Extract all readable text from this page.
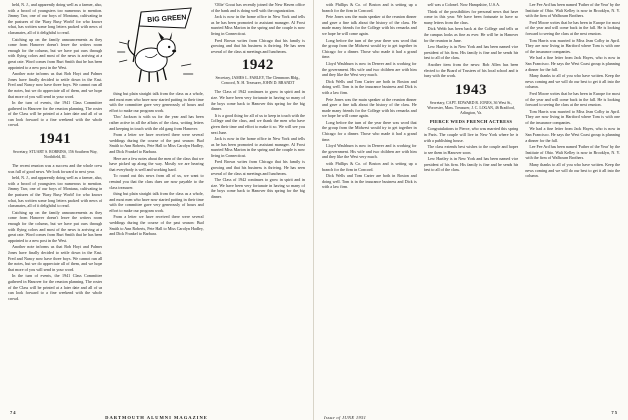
held, N. J., and apparently doing well as a farmer, also, with a brood of youngsters too numerous to mention. Jimmy Tarr, one of our boys of Montana, cultivating in the pastures of the 'Busy Busy World' for who knows what, has written some long letters packed with news of classmates, all of it delightful to read.

Catching up on the family announcements as they come from Hanover doesn't leave the writers room enough for the column, but we have put ours through with flying colors and most of the news is arriving at a great rate. Word comes from Burt Smith that he has been appointed to a new post in the West.

Another note informs us that Bob Hoyt and Palmer Jones have finally decided to settle down in the East. Fred and Nancy now have three boys. We cannot run all the notes, but we do appreciate all of them, and we hope that more of you will send in your word.

In the turn of events, the 1941 Class Committee gathered in Hanover for the reunion planning. The roster of the Class will be printed at a later date and all of us can look forward to a fine weekend with the whole crowd.

1941
Secretary, STUART S. ROBBINS, 156 Southern Way, Northfield, Ill.

The recent reunion was a success and the whole crew was full of good news. We look forward to next year.

held, N. J., and apparently doing well as a farmer, also, with a brood of youngsters too numerous to mention. Jimmy Tarr, one of our boys of Montana, cultivating in the pastures of the 'Busy Busy World' for who knows what, has written some long letters packed with news of classmates, all of it delightful to read.

Catching up on the family announcements as they come from Hanover doesn't leave the writers room enough for the column, but we have put ours through with flying colors and most of the news is arriving at a great rate. Word comes from Burt Smith that he has been appointed to a new post in the West.

Another note informs us that Bob Hoyt and Palmer Jones have finally decided to settle down in the East. Fred and Nancy now have three boys. We cannot run all the notes, but we do appreciate all of them, and we hope that more of you will send in your word.

In the turn of events, the 1941 Class Committee gathered in Hanover for the reunion planning. The roster of the Class will be printed at a later date and all of us can look forward to a fine weekend with the whole crowd.

BIG GREEN

thing but plain straight talk from the class as a whole, and most men who have now started putting in their time with the committee gave very generously of hours and effort to make our program work.

'Doc' Jackson is with us for the year and has been rather active in all the affairs of the class, writing letters and keeping in touch with the old gang from Hanover.

From a letter we have received there were several weddings during the course of the past season: Bud Smith to Ann Roberts, Pete Hall to Miss Carolyn Hadley, and Dick Frankel to Barbara.

Here are a few notes about the men of the class that we have picked up along the way. Mostly we are hearing that everybody is well and working hard.

To round out this news from all of us, we want to remind you that the class dues are now payable to the class treasurer.

thing but plain straight talk from the class as a whole, and most men who have now started putting in their time with the committee gave very generously of hours and effort to make our program work.

From a letter we have received there were several weddings during the course of the past season: Bud Smith to Ann Roberts, Pete Hall to Miss Carolyn Hadley, and Dick Frankel to Barbara.

'Ollie' Grout has recently joined the New Haven office of the bank and is doing well with the organization.

Jack is now in the home office in New York and tells us he has been promoted to assistant manager. Al Frost married Miss Marion in the spring and the couple is now living in Connecticut.

Fred Brown writes from Chicago that his family is growing and that his business is thriving. He has seen several of the class at meetings and luncheons.

1942
Secretary, JAMES L. FARLEY, The Clemmons Bldg., Concord, N. H. Treasurer, JOHN D. BRANDT

The Class of 1942 continues to grow in spirit and in size. We have been very fortunate in having so many of the boys come back to Hanover this spring for the big dinner.

It is a good thing for all of us to keep in touch with the College and the class, and we thank the men who have given their time and effort to make it so. We will see you next June.

Jack is now in the home office in New York and tells us he has been promoted to assistant manager. Al Frost married Miss Marion in the spring and the couple is now living in Connecticut.

Fred Brown writes from Chicago that his family is growing and that his business is thriving. He has seen several of the class at meetings and luncheons.

The Class of 1942 continues to grow in spirit and in size. We have been very fortunate in having so many of the boys come back to Hanover this spring for the big dinner.

74
DARTMOUTH ALUMNI MAGAZINE

with Phillips & Co. of Boston and is setting up a branch for the firm in Concord.

Pete Jones was the main speaker at the reunion dinner and gave a fine talk about the history of the class. He made many friends for the College with his remarks and we hope he will come again.

Long before the turn of the year there was word that the group from the Midwest would try to get together in Chicago for a dinner. Those who made it had a grand time.

Lloyd Washburn is now in Denver and is working for the government. His wife and two children are with him and they like the West very much.

Dick Wells and Tom Carter are both in Boston and doing well. Tom is in the insurance business and Dick is with a law firm.

Pete Jones was the main speaker at the reunion dinner and gave a fine talk about the history of the class. He made many friends for the College with his remarks and we hope he will come again.

Long before the turn of the year there was word that the group from the Midwest would try to get together in Chicago for a dinner. Those who made it had a grand time.

Lloyd Washburn is now in Denver and is working for the government. His wife and two children are with him and they like the West very much.

with Phillips & Co. of Boston and is setting up a branch for the firm in Concord.

Dick Wells and Tom Carter are both in Boston and doing well. Tom is in the insurance business and Dick is with a law firm.

self was a Colonel. Now Hampshire, U.S.A.

Think of the possibilities for personal news that have come in this year. We have been fortunate to have so many letters from the class.

Dick Webb has been back at the College and tells us the campus looks as fine as ever. He will be in Hanover for the reunion in June.

Lew Hartley is in New York and has been named vice president of his firm. His family is fine and he sends his best to all of the class.

Another item from the news: Bob Allen has been elected to the Board of Trustees of his local school and is busy with the work.

1943
Secretary, CAPT. EDWARD R. JONES, 36 West St., Worcester, Mass. Treasurer, J. C. LOGAN, 46 Bradford, Arlington, Va.
PIERCE WEDS FRENCH ACTRESS

Congratulations to Pierce, who was married this spring in Paris. The couple will live in New York where he is with a publishing house.

The class extends best wishes to the couple and hopes to see them in Hanover soon.

Lew Hartley is in New York and has been named vice president of his firm. His family is fine and he sends his best to all of the class.

Lee Fee Ard has been named 'Father of the Year' by the Institute of Ohio. Walt Kelley is now in Brooklyn, N. Y. with the firm of Walbourn Brothers.

Fred Moore writes that he has been in Europe for most of the year and will come back in the fall. He is looking forward to seeing the class at the next reunion.

Tom Harris was married to Miss Jean Colby in April. They are now living in Hartford where Tom is with one of the insurance companies.

We had a fine letter from Jack Hayes, who is now in San Francisco. He says the West Coast group is planning a dinner for the fall.

Many thanks to all of you who have written. Keep the news coming and we will do our best to get it all into the column.

Fred Moore writes that he has been in Europe for most of the year and will come back in the fall. He is looking forward to seeing the class at the next reunion.

Tom Harris was married to Miss Jean Colby in April. They are now living in Hartford where Tom is with one of the insurance companies.

We had a fine letter from Jack Hayes, who is now in San Francisco. He says the West Coast group is planning a dinner for the fall.

Lee Fee Ard has been named 'Father of the Year' by the Institute of Ohio. Walt Kelley is now in Brooklyn, N. Y. with the firm of Walbourn Brothers.

Many thanks to all of you who have written. Keep the news coming and we will do our best to get it all into the column.

Issue of JUNE 1951
75
